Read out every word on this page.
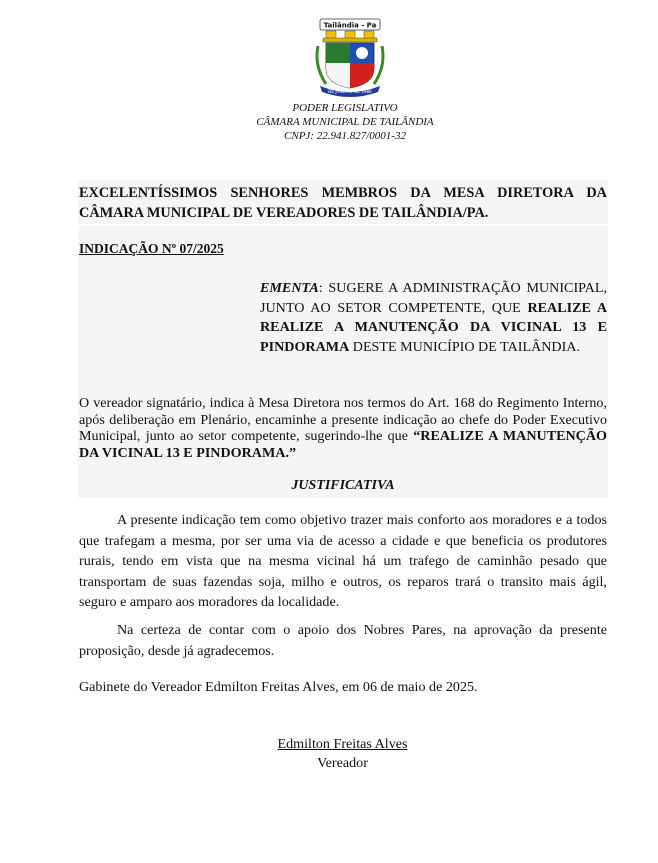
Tailândia - Pa
DE JANEIRO DE 1988
PODER LEGISLATIVO
CÂMARA MUNICIPAL DE TAILÂNDIA
CNPJ: 22.941.827/0001-32
EXCELENTÍSSIMOS SENHORES MEMBROS DA MESA DIRETORA DA CÂMARA MUNICIPAL DE VEREADORES DE TAILÂNDIA/PA.
INDICAÇÃO Nº 07/2025
EMENTA: SUGERE A ADMINISTRAÇÃO MUNICIPAL, JUNTO AO SETOR COMPETENTE, QUE REALIZE A REALIZE A MANUTENÇÃO DA VICINAL 13 E PINDORAMA DESTE MUNICÍPIO DE TAILÂNDIA.
O vereador signatário, indica à Mesa Diretora nos termos do Art. 168 do Regimento Interno, após deliberação em Plenário, encaminhe a presente indicação ao chefe do Poder Executivo Municipal, junto ao setor competente, sugerindo-lhe que “REALIZE A MANUTENÇÃO DA VICINAL 13 E PINDORAMA.”
JUSTIFICATIVA
A presente indicação tem como objetivo trazer mais conforto aos moradores e a todos que trafegam a mesma, por ser uma via de acesso a cidade e que beneficia os produtores rurais, tendo em vista que na mesma vicinal há um trafego de caminhão pesado que transportam de suas fazendas soja, milho e outros, os reparos trará o transito mais ágil, seguro e amparo aos moradores da localidade.
Na certeza de contar com o apoio dos Nobres Pares, na aprovação da presente proposição, desde já agradecemos.
Gabinete do Vereador Edmilton Freitas Alves, em 06 de maio de 2025.
Edmilton Freitas Alves
Vereador
